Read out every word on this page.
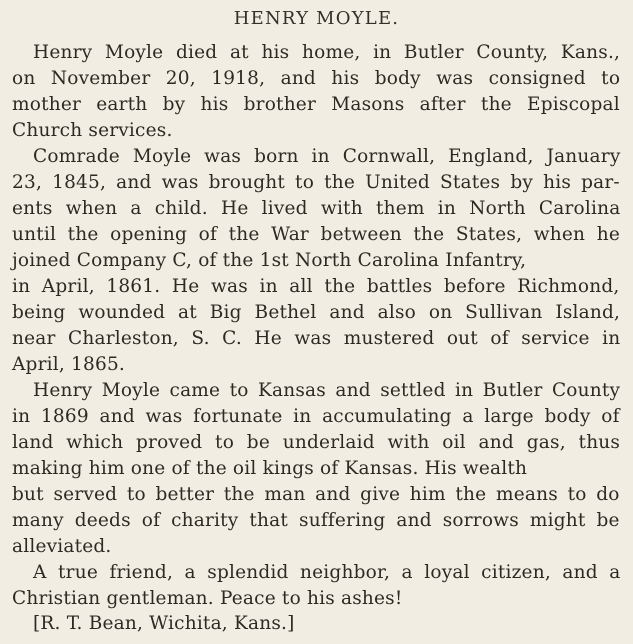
HENRY MOYLE.
Henry Moyle died at his home, in Butler County, Kans.,
on November 20, 1918, and his body was consigned to
mother earth by his brother Masons after the Episcopal
Church services.
Comrade Moyle was born in Cornwall, England, January
23, 1845, and was brought to the United States by his par-
ents when a child. He lived with them in North Carolina
until the opening of the War between the States, when he
joined Company C, of the 1st North Carolina Infantry,
in April, 1861. He was in all the battles before Richmond,
being wounded at Big Bethel and also on Sullivan Island,
near Charleston, S. C. He was mustered out of service in
April, 1865.
Henry Moyle came to Kansas and settled in Butler County
in 1869 and was fortunate in accumulating a large body of
land which proved to be underlaid with oil and gas, thus
making him one of the oil kings of Kansas. His wealth
but served to better the man and give him the means to do
many deeds of charity that suffering and sorrows might be
alleviated.
A true friend, a splendid neighbor, a loyal citizen, and a
Christian gentleman. Peace to his ashes!
[R. T. Bean, Wichita, Kans.]
